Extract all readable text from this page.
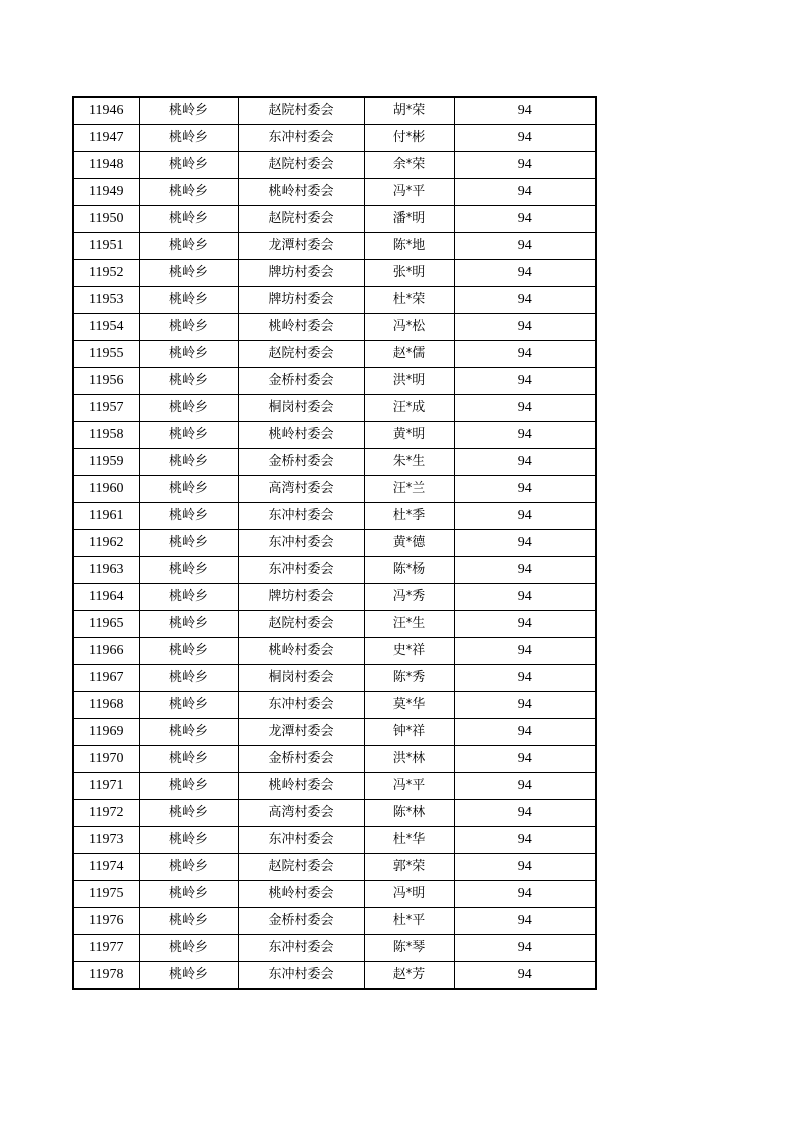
11946	桃岭乡	赵院村委会	胡*荣	94
11947	桃岭乡	东冲村委会	付*彬	94
11948	桃岭乡	赵院村委会	余*荣	94
11949	桃岭乡	桃岭村委会	冯*平	94
11950	桃岭乡	赵院村委会	潘*明	94
11951	桃岭乡	龙潭村委会	陈*地	94
11952	桃岭乡	牌坊村委会	张*明	94
11953	桃岭乡	牌坊村委会	杜*荣	94
11954	桃岭乡	桃岭村委会	冯*松	94
11955	桃岭乡	赵院村委会	赵*儒	94
11956	桃岭乡	金桥村委会	洪*明	94
11957	桃岭乡	桐岗村委会	汪*成	94
11958	桃岭乡	桃岭村委会	黄*明	94
11959	桃岭乡	金桥村委会	朱*生	94
11960	桃岭乡	高湾村委会	汪*兰	94
11961	桃岭乡	东冲村委会	杜*季	94
11962	桃岭乡	东冲村委会	黄*德	94
11963	桃岭乡	东冲村委会	陈*杨	94
11964	桃岭乡	牌坊村委会	冯*秀	94
11965	桃岭乡	赵院村委会	汪*生	94
11966	桃岭乡	桃岭村委会	史*祥	94
11967	桃岭乡	桐岗村委会	陈*秀	94
11968	桃岭乡	东冲村委会	莫*华	94
11969	桃岭乡	龙潭村委会	钟*祥	94
11970	桃岭乡	金桥村委会	洪*林	94
11971	桃岭乡	桃岭村委会	冯*平	94
11972	桃岭乡	高湾村委会	陈*林	94
11973	桃岭乡	东冲村委会	杜*华	94
11974	桃岭乡	赵院村委会	郭*荣	94
11975	桃岭乡	桃岭村委会	冯*明	94
11976	桃岭乡	金桥村委会	杜*平	94
11977	桃岭乡	东冲村委会	陈*琴	94
11978	桃岭乡	东冲村委会	赵*芳	94
